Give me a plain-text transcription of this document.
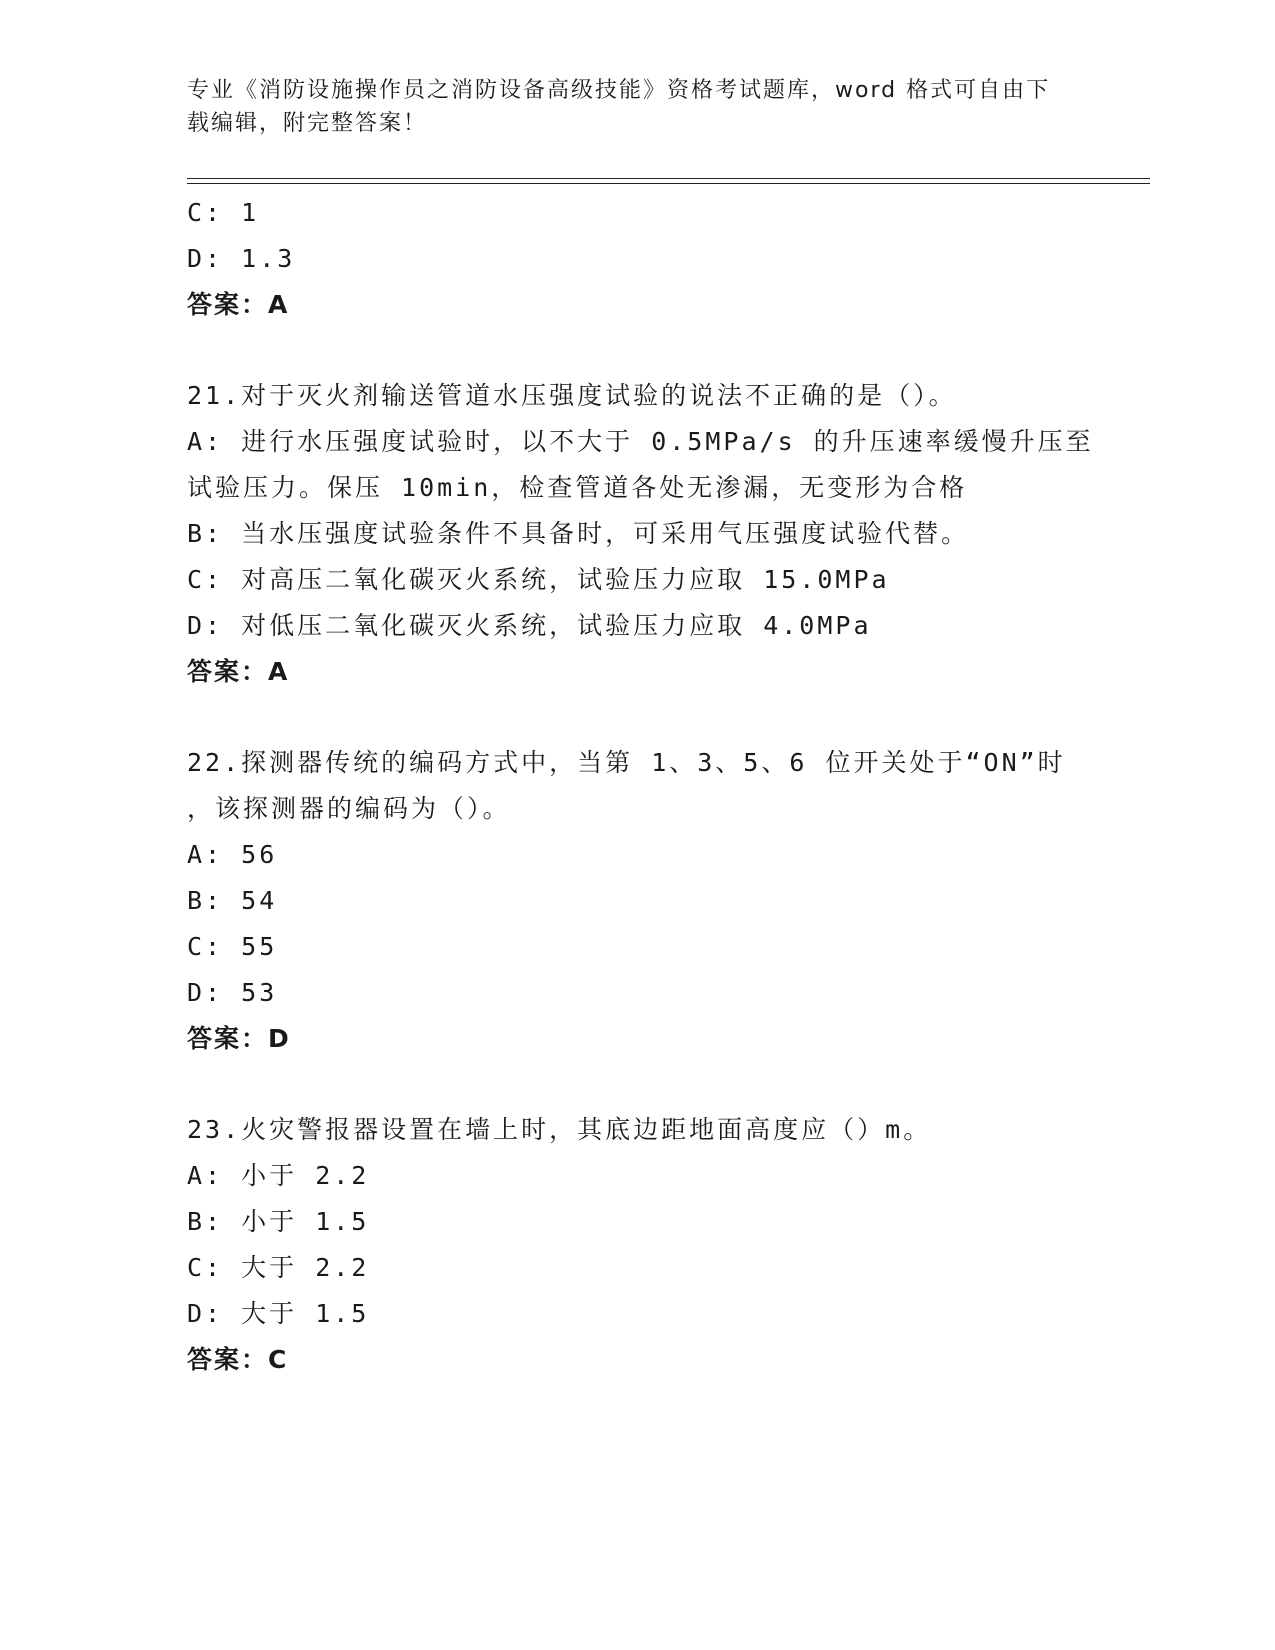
专业《消防设施操作员之消防设备高级技能》资格考试题库，word 格式可自由下
载编辑，附完整答案！
C: 1
D: 1.3
答案：A
21.对于灭火剂输送管道水压强度试验的说法不正确的是（）。
A: 进行水压强度试验时，以不大于 0.5MPa/s 的升压速率缓慢升压至
试验压力。保压 10min，检查管道各处无渗漏，无变形为合格
B: 当水压强度试验条件不具备时，可采用气压强度试验代替。
C: 对高压二氧化碳灭火系统，试验压力应取 15.0MPa
D: 对低压二氧化碳灭火系统，试验压力应取 4.0MPa
答案：A
22.探测器传统的编码方式中，当第 1、3、5、6 位开关处于“ON”时
，该探测器的编码为（）。
A: 56
B: 54
C: 55
D: 53
答案：D
23.火灾警报器设置在墙上时，其底边距地面高度应（）m。
A: 小于 2.2
B: 小于 1.5
C: 大于 2.2
D: 大于 1.5
答案：C
